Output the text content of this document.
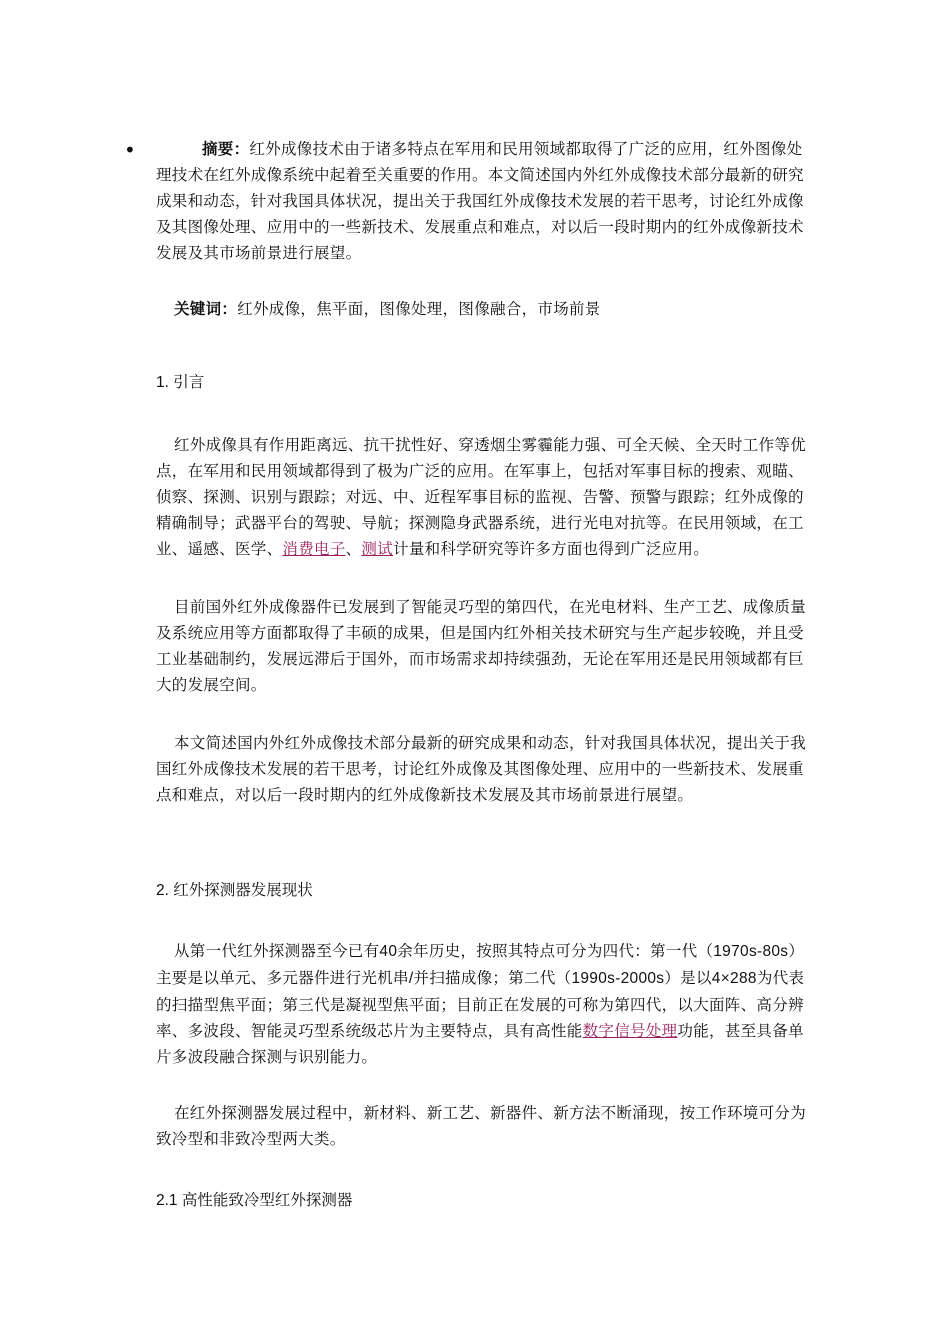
•	摘要：红外成像技术由于诸多特点在军用和民用领域都取得了广泛的应用，红外图像处理技术在红外成像系统中起着至关重要的作用。本文简述国内外红外成像技术部分最新的研究成果和动态，针对我国具体状况，提出关于我国红外成像技术发展的若干思考，讨论红外成像及其图像处理、应用中的一些新技术、发展重点和难点，对以后一段时期内的红外成像新技术发展及其市场前景进行展望。

关键词：红外成像，焦平面，图像处理，图像融合，市场前景

1. 引言

红外成像具有作用距离远、抗干扰性好、穿透烟尘雾霾能力强、可全天候、全天时工作等优点，在军用和民用领域都得到了极为广泛的应用。在军事上，包括对军事目标的搜索、观瞄、侦察、探测、识别与跟踪；对远、中、近程军事目标的监视、告警、预警与跟踪；红外成像的精确制导；武器平台的驾驶、导航；探测隐身武器系统，进行光电对抗等。在民用领域，在工业、遥感、医学、消费电子、测试计量和科学研究等许多方面也得到广泛应用。

目前国外红外成像器件已发展到了智能灵巧型的第四代，在光电材料、生产工艺、成像质量及系统应用等方面都取得了丰硕的成果，但是国内红外相关技术研究与生产起步较晚，并且受工业基础制约，发展远滞后于国外，而市场需求却持续强劲，无论在军用还是民用领域都有巨大的发展空间。

本文简述国内外红外成像技术部分最新的研究成果和动态，针对我国具体状况，提出关于我国红外成像技术发展的若干思考，讨论红外成像及其图像处理、应用中的一些新技术、发展重点和难点，对以后一段时期内的红外成像新技术发展及其市场前景进行展望。

2. 红外探测器发展现状

从第一代红外探测器至今已有40余年历史，按照其特点可分为四代：第一代（1970s-80s）主要是以单元、多元器件进行光机串/并扫描成像；第二代（1990s-2000s）是以4×288为代表的扫描型焦平面；第三代是凝视型焦平面；目前正在发展的可称为第四代，以大面阵、高分辨率、多波段、智能灵巧型系统级芯片为主要特点，具有高性能数字信号处理功能，甚至具备单片多波段融合探测与识别能力。

在红外探测器发展过程中，新材料、新工艺、新器件、新方法不断涌现，按工作环境可分为致冷型和非致冷型两大类。

2.1 高性能致冷型红外探测器
